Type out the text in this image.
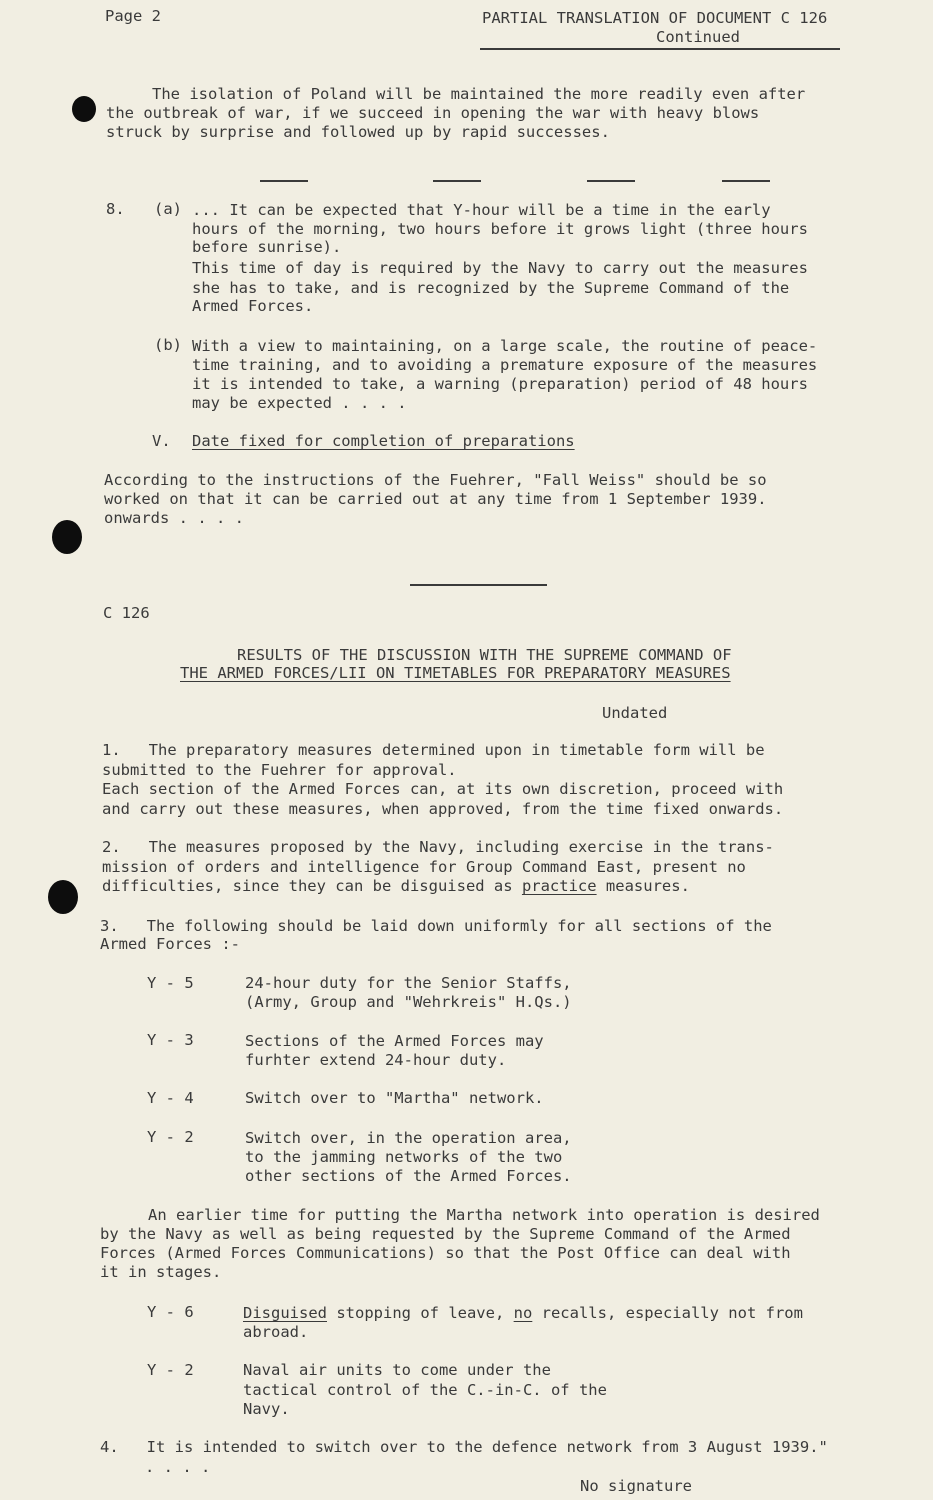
Page 2	PARTIAL TRANSLATION OF DOCUMENT C 126
Continued
The isolation of Poland will be maintained the more readily even after
the outbreak of war, if we succeed in opening the war with heavy blows
struck by surprise and followed up by rapid successes.
8. (a) ... It can be expected that Y-hour will be a time in the early
hours of the morning, two hours before it grows light (three hours
before sunrise).
This time of day is required by the Navy to carry out the measures
she has to take, and is recognized by the Supreme Command of the
Armed Forces.
(b) With a view to maintaining, on a large scale, the routine of peace-
time training, and to avoiding a premature exposure of the measures
it is intended to take, a warning (preparation) period of 48 hours
may be expected . . . .
V. Date fixed for completion of preparations
According to the instructions of the Fuehrer, "Fall Weiss" should be so
worked on that it can be carried out at any time from 1 September 1939.
onwards . . . .
C 126
RESULTS OF THE DISCUSSION WITH THE SUPREME COMMAND OF
THE ARMED FORCES/LII ON TIMETABLES FOR PREPARATORY MEASURES
Undated
1.   The preparatory measures determined upon in timetable form will be
submitted to the Fuehrer for approval.
Each section of the Armed Forces can, at its own discretion, proceed with
and carry out these measures, when approved, from the time fixed onwards.
2.   The measures proposed by the Navy, including exercise in the trans-
mission of orders and intelligence for Group Command East, present no
difficulties, since they can be disguised as practice measures.
3.   The following should be laid down uniformly for all sections of the
Armed Forces :-
Y - 5	24-hour duty for the Senior Staffs,
(Army, Group and "Wehrkreis" H.Qs.)
Y - 3	Sections of the Armed Forces may
furhter extend 24-hour duty.
Y - 4	Switch over to "Martha" network.
Y - 2	Switch over, in the operation area,
to the jamming networks of the two
other sections of the Armed Forces.
An earlier time for putting the Martha network into operation is desired
by the Navy as well as being requested by the Supreme Command of the Armed
Forces (Armed Forces Communications) so that the Post Office can deal with
it in stages.
Y - 6	Disguised stopping of leave, no recalls, especially not from
abroad.
Y - 2	Naval air units to come under the
tactical control of the C.-in-C. of the
Navy.
4.   It is intended to switch over to the defence network from 3 August 1939."
. . . .
No signature
